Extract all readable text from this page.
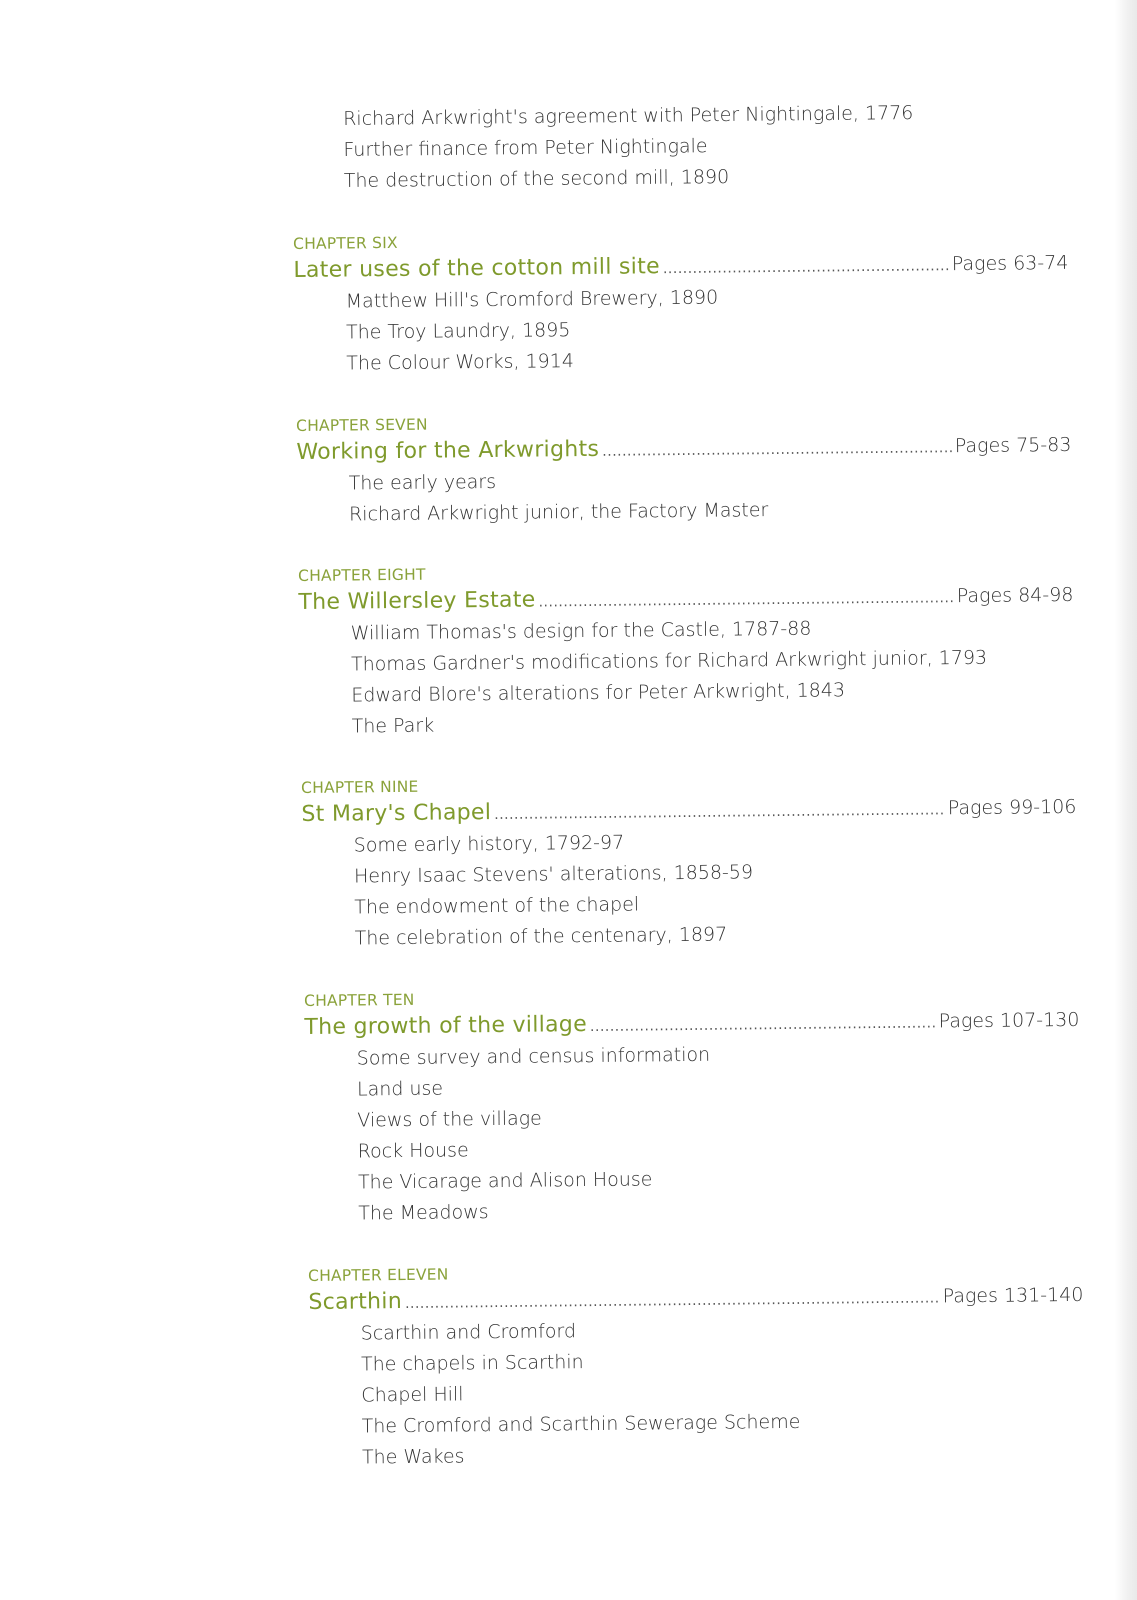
Richard Arkwright's agreement with Peter Nightingale, 1776
Further finance from Peter Nightingale
The destruction of the second mill, 1890
CHAPTER SIX
Later uses of the cotton mill site .....	Pages 63-74
Matthew Hill's Cromford Brewery, 1890
The Troy Laundry, 1895
The Colour Works, 1914
CHAPTER SEVEN
Working for the Arkwrights .....	Pages 75-83
The early years
Richard Arkwright junior, the Factory Master
CHAPTER EIGHT
The Willersley Estate .....	Pages 84-98
William Thomas's design for the Castle, 1787-88
Thomas Gardner's modifications for Richard Arkwright junior, 1793
Edward Blore's alterations for Peter Arkwright, 1843
The Park
CHAPTER NINE
St Mary's Chapel .....	Pages 99-106
Some early history, 1792-97
Henry Isaac Stevens' alterations, 1858-59
The endowment of the chapel
The celebration of the centenary, 1897
CHAPTER TEN
The growth of the village .....	Pages 107-130
Some survey and census information
Land use
Views of the village
Rock House
The Vicarage and Alison House
The Meadows
CHAPTER ELEVEN
Scarthin .....	Pages 131-140
Scarthin and Cromford
The chapels in Scarthin
Chapel Hill
The Cromford and Scarthin Sewerage Scheme
The Wakes
